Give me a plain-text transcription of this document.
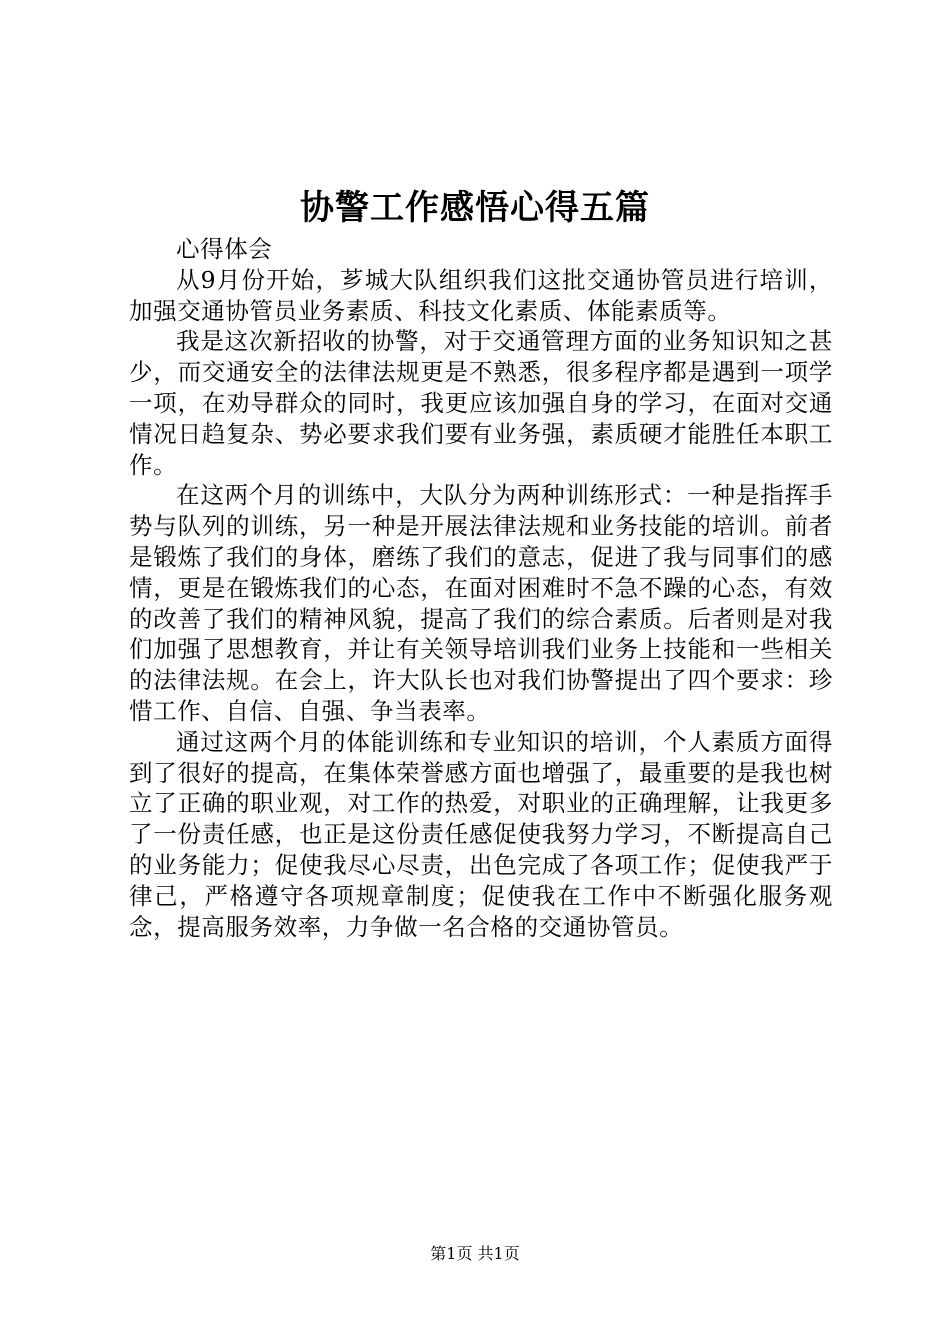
协警工作感悟心得五篇

心得体会

从9月份开始，芗城大队组织我们这批交通协管员进行培训，加强交通协管员业务素质、科技文化素质、体能素质等。

我是这次新招收的协警，对于交通管理方面的业务知识知之甚少，而交通安全的法律法规更是不熟悉，很多程序都是遇到一项学一项，在劝导群众的同时，我更应该加强自身的学习，在面对交通情况日趋复杂、势必要求我们要有业务强，素质硬才能胜任本职工作。

在这两个月的训练中，大队分为两种训练形式：一种是指挥手势与队列的训练，另一种是开展法律法规和业务技能的培训。前者是锻炼了我们的身体，磨练了我们的意志，促进了我与同事们的感情，更是在锻炼我们的心态，在面对困难时不急不躁的心态，有效的改善了我们的精神风貌，提高了我们的综合素质。后者则是对我们加强了思想教育，并让有关领导培训我们业务上技能和一些相关的法律法规。在会上，许大队长也对我们协警提出了四个要求：珍惜工作、自信、自强、争当表率。

通过这两个月的体能训练和专业知识的培训，个人素质方面得到了很好的提高，在集体荣誉感方面也增强了，最重要的是我也树立了正确的职业观，对工作的热爱，对职业的正确理解，让我更多了一份责任感，也正是这份责任感促使我努力学习，不断提高自己的业务能力；促使我尽心尽责，出色完成了各项工作；促使我严于律己，严格遵守各项规章制度；促使我在工作中不断强化服务观念，提高服务效率，力争做一名合格的交通协管员。

第1页 共1页
